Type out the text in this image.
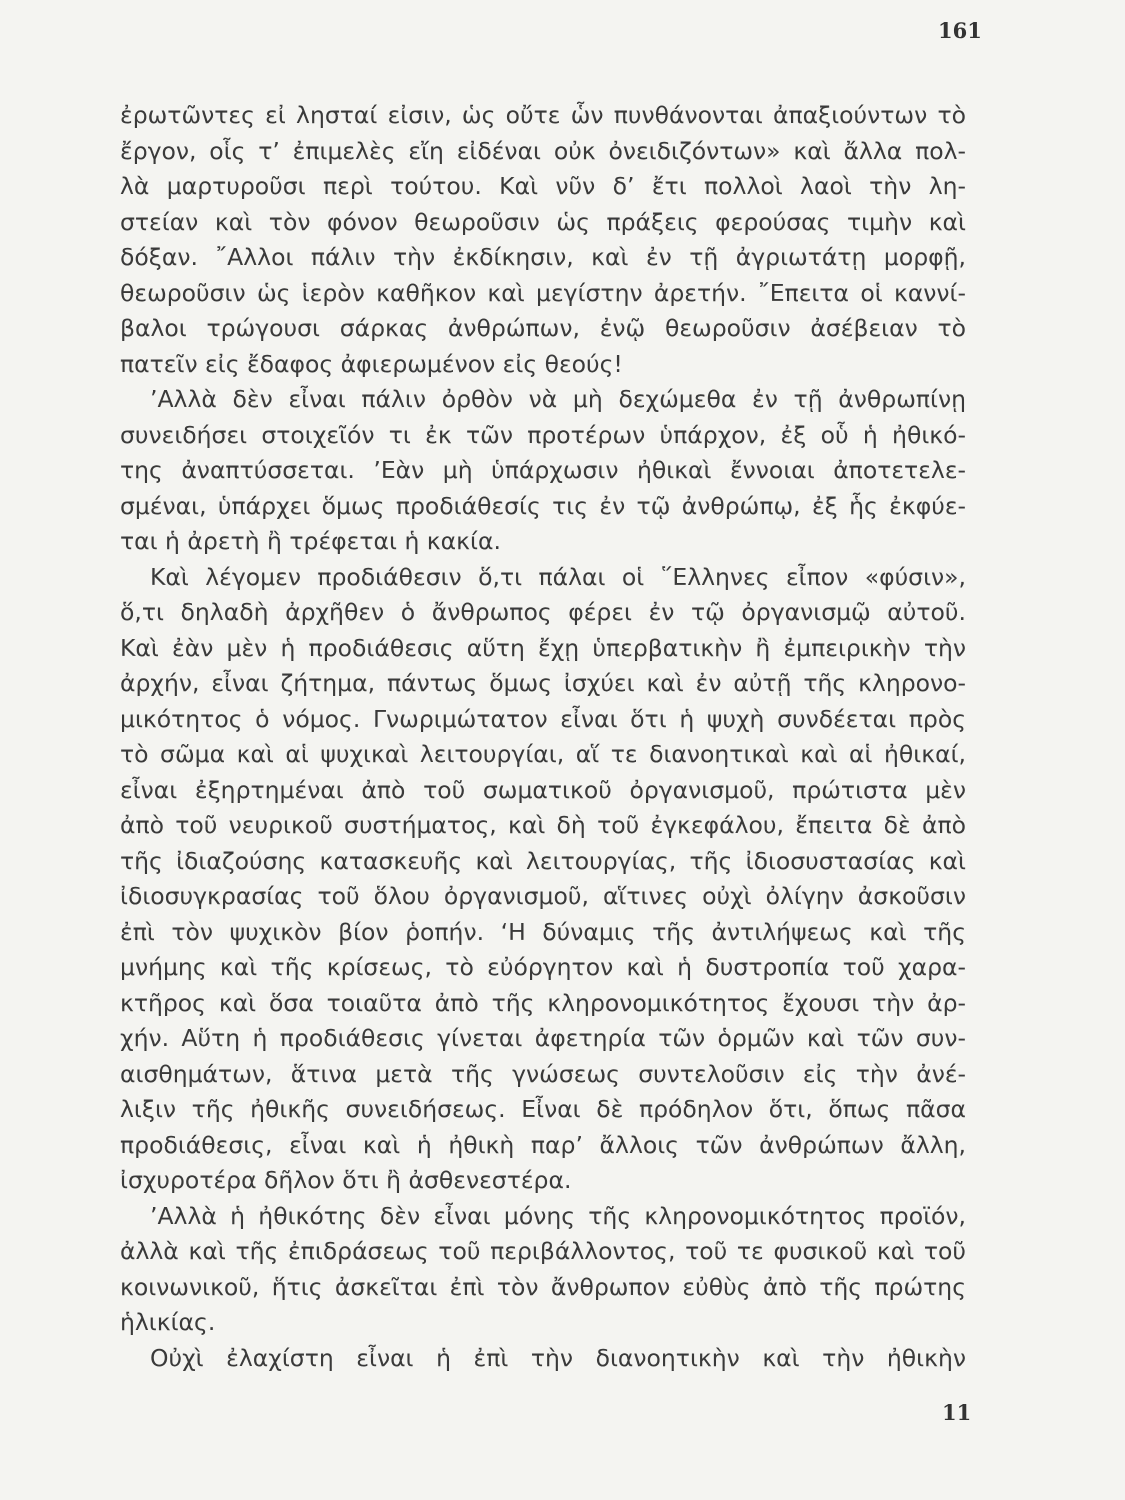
161
ἐρωτῶντες εἰ λησταί εἰσιν, ὡς οὔτε ὧν πυνθάνονται ἀπαξιούντων τὸ
ἔργον, οἷς τ’ ἐπιμελὲς εἴη εἰδέναι οὐκ ὀνειδιζόντων» καὶ ἄλλα πολ-
λὰ μαρτυροῦσι περὶ τούτου. Καὶ νῦν δ’ ἔτι πολλοὶ λαοὶ τὴν λη-
στείαν καὶ τὸν φόνον θεωροῦσιν ὡς πράξεις φερούσας τιμὴν καὶ
δόξαν. ῎Αλλοι πάλιν τὴν ἐκδίκησιν, καὶ ἐν τῇ ἀγριωτάτῃ μορφῇ,
θεωροῦσιν ὡς ἱερὸν καθῆκον καὶ μεγίστην ἀρετήν. ῎Επειτα οἱ καννί-
βαλοι τρώγουσι σάρκας ἀνθρώπων, ἐνῷ θεωροῦσιν ἀσέβειαν τὸ
πατεῖν εἰς ἔδαφος ἀφιερωμένον εἰς θεούς!
’Αλλὰ δὲν εἶναι πάλιν ὀρθὸν νὰ μὴ δεχώμεθα ἐν τῇ ἀνθρωπίνῃ
συνειδήσει στοιχεῖόν τι ἐκ τῶν προτέρων ὑπάρχον, ἐξ οὗ ἡ ἠθικό-
της ἀναπτύσσεται. ’Εὰν μὴ ὑπάρχωσιν ἠθικαὶ ἔννοιαι ἀποτετελε-
σμέναι, ὑπάρχει ὅμως προδιάθεσίς τις ἐν τῷ ἀνθρώπῳ, ἐξ ἧς ἐκφύε-
ται ἡ ἀρετὴ ἢ τρέφεται ἡ κακία.
Καὶ λέγομεν προδιάθεσιν ὅ,τι πάλαι οἱ ῞Ελληνες εἶπον «φύσιν»,
ὅ,τι δηλαδὴ ἀρχῆθεν ὁ ἄνθρωπος φέρει ἐν τῷ ὀργανισμῷ αὐτοῦ.
Καὶ ἐὰν μὲν ἡ προδιάθεσις αὕτη ἔχῃ ὑπερβατικὴν ἢ ἐμπειρικὴν τὴν
ἀρχήν, εἶναι ζήτημα, πάντως ὅμως ἰσχύει καὶ ἐν αὐτῇ τῆς κληρονο-
μικότητος ὁ νόμος. Γνωριμώτατον εἶναι ὅτι ἡ ψυχὴ συνδέεται πρὸς
τὸ σῶμα καὶ αἱ ψυχικαὶ λειτουργίαι, αἵ τε διανοητικαὶ καὶ αἱ ἠθικαί,
εἶναι ἐξηρτημέναι ἀπὸ τοῦ σωματικοῦ ὀργανισμοῦ, πρώτιστα μὲν
ἀπὸ τοῦ νευρικοῦ συστήματος, καὶ δὴ τοῦ ἐγκεφάλου, ἔπειτα δὲ ἀπὸ
τῆς ἰδιαζούσης κατασκευῆς καὶ λειτουργίας, τῆς ἰδιοσυστασίας καὶ
ἰδιοσυγκρασίας τοῦ ὅλου ὀργανισμοῦ, αἵτινες οὐχὶ ὀλίγην ἀσκοῦσιν
ἐπὶ τὸν ψυχικὸν βίον ῥοπήν. ‘Η δύναμις τῆς ἀντιλήψεως καὶ τῆς
μνήμης καὶ τῆς κρίσεως, τὸ εὐόργητον καὶ ἡ δυστροπία τοῦ χαρα-
κτῆρος καὶ ὅσα τοιαῦτα ἀπὸ τῆς κληρονομικότητος ἔχουσι τὴν ἀρ-
χήν. Αὕτη ἡ προδιάθεσις γίνεται ἀφετηρία τῶν ὁρμῶν καὶ τῶν συν-
αισθημάτων, ἅτινα μετὰ τῆς γνώσεως συντελοῦσιν εἰς τὴν ἀνέ-
λιξιν τῆς ἠθικῆς συνειδήσεως. Εἶναι δὲ πρόδηλον ὅτι, ὅπως πᾶσα
προδιάθεσις, εἶναι καὶ ἡ ἠθικὴ παρ’ ἄλλοις τῶν ἀνθρώπων ἄλλη,
ἰσχυροτέρα δῆλον ὅτι ἢ ἀσθενεστέρα.
’Αλλὰ ἡ ἠθικότης δὲν εἶναι μόνης τῆς κληρονομικότητος προϊόν,
ἀλλὰ καὶ τῆς ἐπιδράσεως τοῦ περιβάλλοντος, τοῦ τε φυσικοῦ καὶ τοῦ
κοινωνικοῦ, ἥτις ἀσκεῖται ἐπὶ τὸν ἄνθρωπον εὐθὺς ἀπὸ τῆς πρώτης
ἡλικίας.
Οὐχὶ ἐλαχίστη εἶναι ἡ ἐπὶ τὴν διανοητικὴν καὶ τὴν ἠθικὴν
11
